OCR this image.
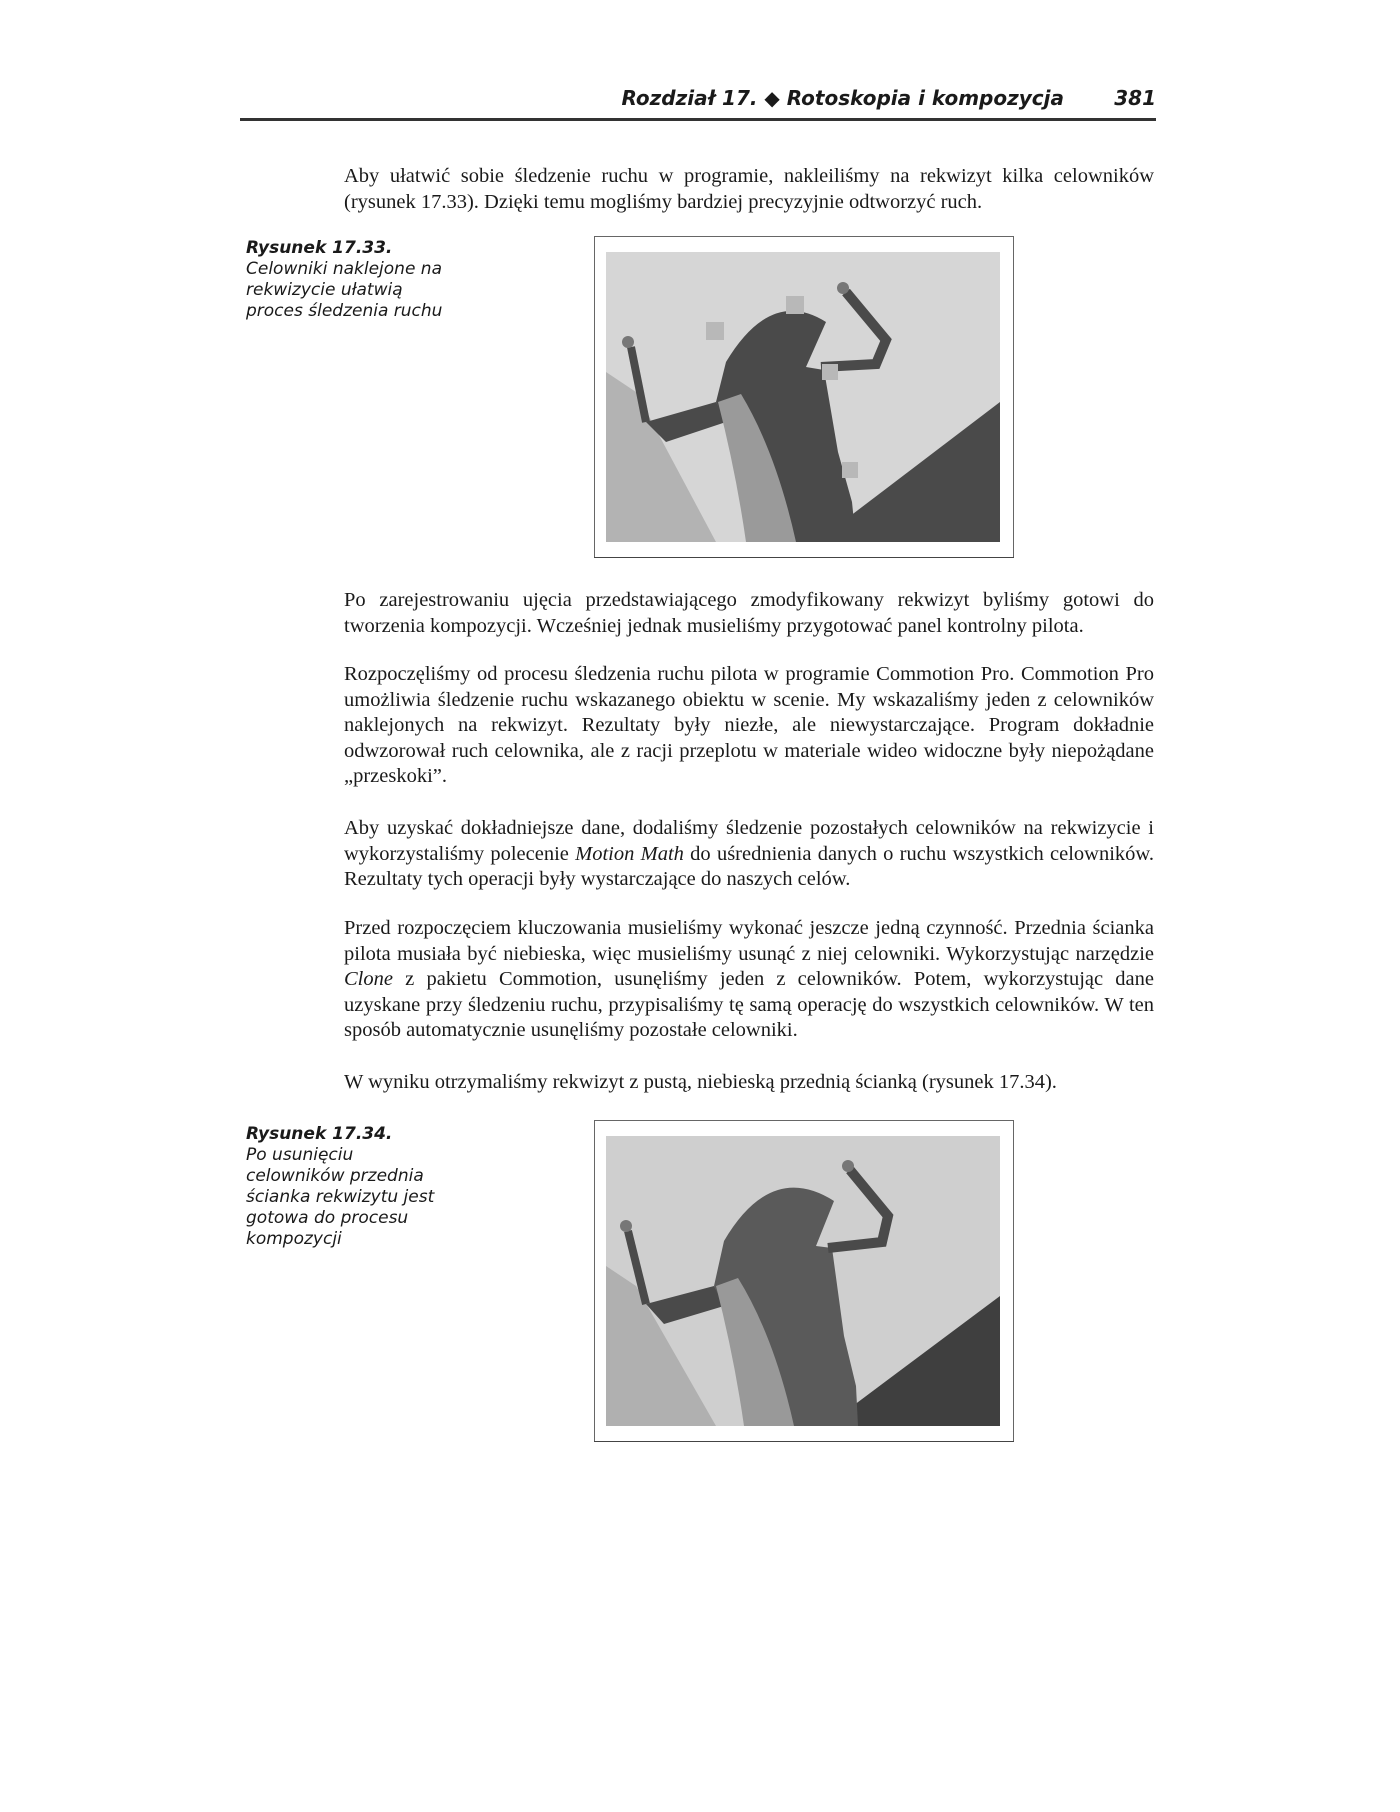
Rozdział 17. ◆ Rotoskopia i kompozycja	381

Aby ułatwić sobie śledzenie ruchu w programie, nakleiliśmy na rekwizyt kilka celowników (rysunek 17.33). Dzięki temu mogliśmy bardziej precyzyjnie odtworzyć ruch.

Rysunek 17.33.
Celowniki naklejone na rekwizycie ułatwią proces śledzenia ruchu

Po zarejestrowaniu ujęcia przedstawiającego zmodyfikowany rekwizyt byliśmy gotowi do tworzenia kompozycji. Wcześniej jednak musieliśmy przygotować panel kontrolny pilota.

Rozpoczęliśmy od procesu śledzenia ruchu pilota w programie Commotion Pro. Commotion Pro umożliwia śledzenie ruchu wskazanego obiektu w scenie. My wskazaliśmy jeden z celowników naklejonych na rekwizyt. Rezultaty były niezłe, ale niewystarczające. Program dokładnie odwzorował ruch celownika, ale z racji przeplotu w materiale wideo widoczne były niepożądane „przeskoki”.

Aby uzyskać dokładniejsze dane, dodaliśmy śledzenie pozostałych celowników na rekwizycie i wykorzystaliśmy polecenie Motion Math do uśrednienia danych o ruchu wszystkich celowników. Rezultaty tych operacji były wystarczające do naszych celów.

Przed rozpoczęciem kluczowania musieliśmy wykonać jeszcze jedną czynność. Przednia ścianka pilota musiała być niebieska, więc musieliśmy usunąć z niej celowniki. Wykorzystując narzędzie Clone z pakietu Commotion, usunęliśmy jeden z celowników. Potem, wykorzystując dane uzyskane przy śledzeniu ruchu, przypisaliśmy tę samą operację do wszystkich celowników. W ten sposób automatycznie usunęliśmy pozostałe celowniki.

W wyniku otrzymaliśmy rekwizyt z pustą, niebieską przednią ścianką (rysunek 17.34).

Rysunek 17.34.
Po usunięciu celowników przednia ścianka rekwizytu jest gotowa do procesu kompozycji
